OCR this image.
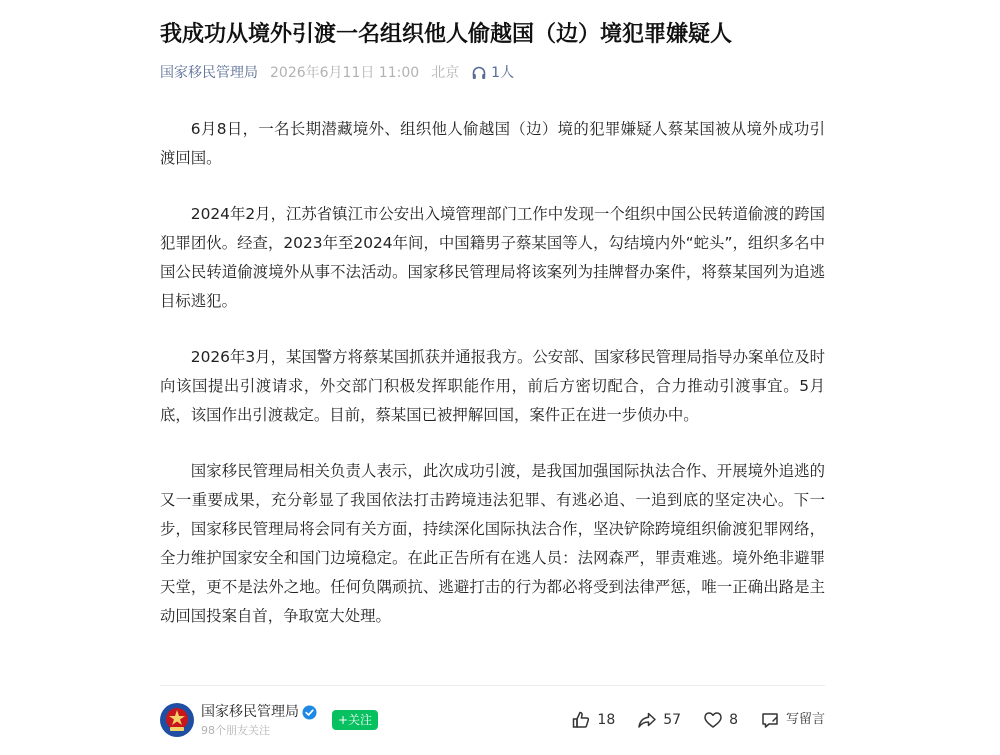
我成功从境外引渡一名组织他人偷越国（边）境犯罪嫌疑人
国家移民管理局 2026年6月11日 11:00 北京 1人

6月8日，一名长期潜藏境外、组织他人偷越国（边）境的犯罪嫌疑人蔡某国被从境外成功引渡回国。

2024年2月，江苏省镇江市公安出入境管理部门工作中发现一个组织中国公民转道偷渡的跨国犯罪团伙。经查，2023年至2024年间，中国籍男子蔡某国等人，勾结境内外“蛇头”，组织多名中国公民转道偷渡境外从事不法活动。国家移民管理局将该案列为挂牌督办案件，将蔡某国列为追逃目标逃犯。

2026年3月，某国警方将蔡某国抓获并通报我方。公安部、国家移民管理局指导办案单位及时向该国提出引渡请求，外交部门积极发挥职能作用，前后方密切配合，合力推动引渡事宜。5月底，该国作出引渡裁定。目前，蔡某国已被押解回国，案件正在进一步侦办中。

国家移民管理局相关负责人表示，此次成功引渡，是我国加强国际执法合作、开展境外追逃的又一重要成果，充分彰显了我国依法打击跨境违法犯罪、有逃必追、一追到底的坚定决心。下一步，国家移民管理局将会同有关方面，持续深化国际执法合作，坚决铲除跨境组织偷渡犯罪网络，全力维护国家安全和国门边境稳定。在此正告所有在逃人员：法网森严，罪责难逃。境外绝非避罪天堂，更不是法外之地。任何负隅顽抗、逃避打击的行为都必将受到法律严惩，唯一正确出路是主动回国投案自首，争取宽大处理。

国家移民管理局
98个朋友关注
+关注	18	57	8	写留言
